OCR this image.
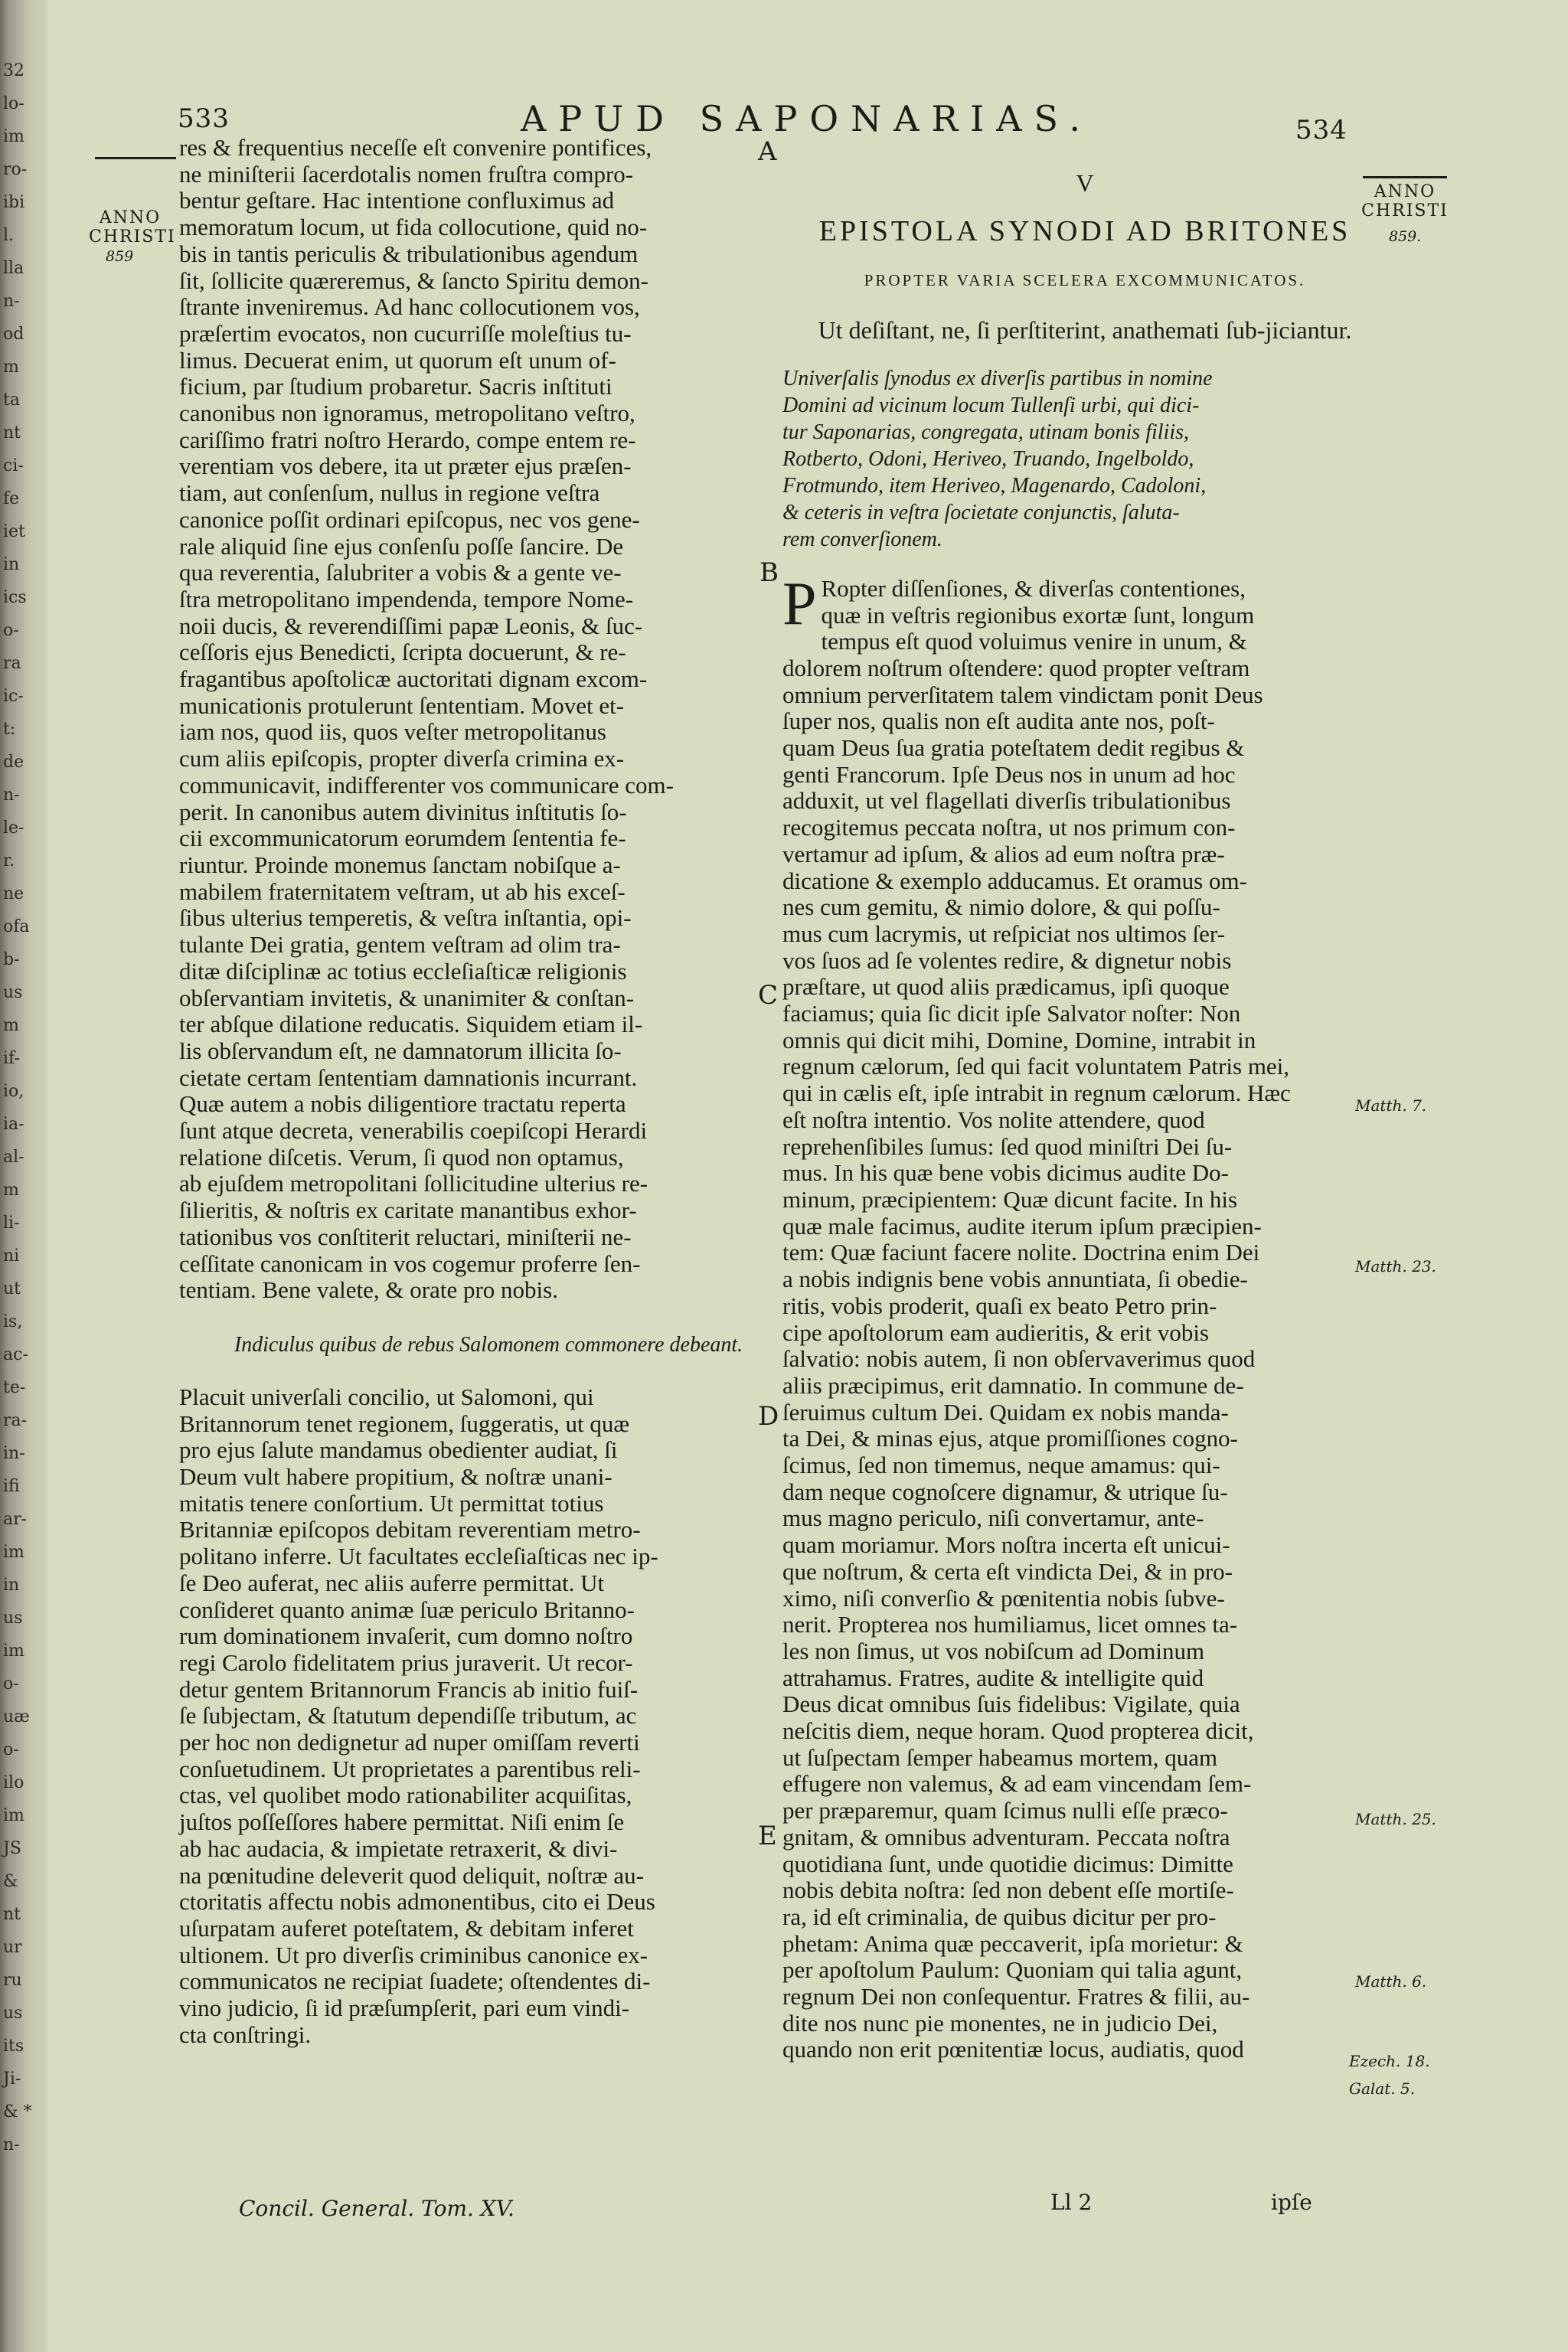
32
lo-
im
ro-
ibi
l.
lla
n-
od
m
ta
nt
ci-
fe
iet
in
ics
o-
ra
ic-
t:
de
n-
le-
r.
ne
ofa
b-
us
m
if-
io,
ia-
al-
m
li-
ni
ut
is,
ac-
te-
ra-
in-
ifi
ar-
im
in
us
im
o-
uæ
o-
ilo
im
JS
&
nt
ur
ru
us
its
Ji-
& *
n-
533	APUD SAPONARIAS.	534
ANNO
CHRISTI
859
ANNO
CHRISTI
859.
res & frequentius neceſſe eſt convenire pontifices,
ne miniſterii ſacerdotalis nomen fruſtra compro-
bentur geſtare. Hac intentione confluximus ad
memoratum locum, ut fida collocutione, quid no-
bis in tantis periculis & tribulationibus agendum
ſit, ſollicite quæreremus, & ſancto Spiritu demon-
ſtrante inveniremus. Ad hanc collocutionem vos,
præſertim evocatos, non cucurriſſe moleſtius tu-
limus. Decuerat enim, ut quorum eſt unum of-
ficium, par ſtudium probaretur. Sacris inſtituti
canonibus non ignoramus, metropolitano veſtro,
cariſſimo fratri noſtro Herardo, compe entem re-
verentiam vos debere, ita ut præter ejus præſen-
tiam, aut conſenſum, nullus in regione veſtra
canonice poſſit ordinari epiſcopus, nec vos gene-
rale aliquid ſine ejus conſenſu poſſe ſancire. De
qua reverentia, ſalubriter a vobis & a gente ve-
ſtra metropolitano impendenda, tempore Nome-
noii ducis, & reverendiſſimi papæ Leonis, & ſuc-
ceſſoris ejus Benedicti, ſcripta docuerunt, & re-
fragantibus apoſtolicæ auctoritati dignam excom-
municationis protulerunt ſententiam. Movet et-
iam nos, quod iis, quos veſter metropolitanus
cum aliis epiſcopis, propter diverſa crimina ex-
communicavit, indifferenter vos communicare com-
perit. In canonibus autem divinitus inſtitutis ſo-
cii excommunicatorum eorumdem ſententia fe-
riuntur. Proinde monemus ſanctam nobiſque a-
mabilem fraternitatem veſtram, ut ab his exceſ-
ſibus ulterius temperetis, & veſtra inſtantia, opi-
tulante Dei gratia, gentem veſtram ad olim tra-
ditæ diſciplinæ ac totius eccleſiaſticæ religionis
obſervantiam invitetis, & unanimiter & conſtan-
ter abſque dilatione reducatis. Siquidem etiam il-
lis obſervandum eſt, ne damnatorum illicita ſo-
cietate certam ſententiam damnationis incurrant.
Quæ autem a nobis diligentiore tractatu reperta
ſunt atque decreta, venerabilis coepiſcopi Herardi
relatione diſcetis. Verum, ſi quod non optamus,
ab ejuſdem metropolitani ſollicitudine ulterius re-
ſilieritis, & noſtris ex caritate manantibus exhor-
tationibus vos conſtiterit reluctari, miniſterii ne-
ceſſitate canonicam in vos cogemur proferre ſen-
tentiam. Bene valete, & orate pro nobis.
Indiculus quibus de rebus Salomonem commonere debeant.
Placuit univerſali concilio, ut Salomoni, qui
Britannorum tenet regionem, ſuggeratis, ut quæ
pro ejus ſalute mandamus obedienter audiat, ſi
Deum vult habere propitium, & noſtræ unani-
mitatis tenere conſortium. Ut permittat totius
Britanniæ epiſcopos debitam reverentiam metro-
politano inferre. Ut facultates eccleſiaſticas nec ip-
ſe Deo auferat, nec aliis auferre permittat. Ut
conſideret quanto animæ ſuæ periculo Britanno-
rum dominationem invaſerit, cum domno noſtro
regi Carolo fidelitatem prius juraverit. Ut recor-
detur gentem Britannorum Francis ab initio fuiſ-
ſe ſubjectam, & ſtatutum dependiſſe tributum, ac
per hoc non dedignetur ad nuper omiſſam reverti
conſuetudinem. Ut proprietates a parentibus reli-
ctas, vel quolibet modo rationabiliter acquiſitas,
juſtos poſſeſſores habere permittat. Niſi enim ſe
ab hac audacia, & impietate retraxerit, & divi-
na pœnitudine deleverit quod deliquit, noſtræ au-
ctoritatis affectu nobis admonentibus, cito ei Deus
uſurpatam auferet poteſtatem, & debitam inferet
ultionem. Ut pro diverſis criminibus canonice ex-
communicatos ne recipiat ſuadete; oſtendentes di-
vino judicio, ſi id præſumpſerit, pari eum vindi-
cta conſtringi.
A
B
C
D
E
V
EPISTOLA SYNODI AD BRITONES
PROPTER VARIA SCELERA EXCOMMUNICATOS.
Ut deſiſtant, ne, ſi perſtiterint, anathemati ſub-jiciantur.
Univerſalis ſynodus ex diverſis partibus in nomine
Domini ad vicinum locum Tullenſi urbi, qui dici-
tur Saponarias, congregata, utinam bonis filiis,
Rotberto, Odoni, Heriveo, Truando, Ingelboldo,
Frotmundo, item Heriveo, Magenardo, Cadoloni,
& ceteris in veſtra ſocietate conjunctis, ſaluta-
rem converſionem.
P Ropter diſſenſiones, & diverſas contentiones,
quæ in veſtris regionibus exortæ ſunt, longum
tempus eſt quod voluimus venire in unum, &
dolorem noſtrum oſtendere: quod propter veſtram
omnium perverſitatem talem vindictam ponit Deus
ſuper nos, qualis non eſt audita ante nos, poſt-
quam Deus ſua gratia poteſtatem dedit regibus &
genti Francorum. Ipſe Deus nos in unum ad hoc
adduxit, ut vel flagellati diverſis tribulationibus
recogitemus peccata noſtra, ut nos primum con-
vertamur ad ipſum, & alios ad eum noſtra præ-
dicatione & exemplo adducamus. Et oramus om-
nes cum gemitu, & nimio dolore, & qui poſſu-
mus cum lacrymis, ut reſpiciat nos ultimos ſer-
vos ſuos ad ſe volentes redire, & dignetur nobis
præſtare, ut quod aliis prædicamus, ipſi quoque
faciamus; quia ſic dicit ipſe Salvator noſter: Non
omnis qui dicit mihi, Domine, Domine, intrabit in
regnum cælorum, ſed qui facit voluntatem Patris mei,
qui in cælis eſt, ipſe intrabit in regnum cælorum. Hæc
eſt noſtra intentio. Vos nolite attendere, quod
reprehenſibiles ſumus: ſed quod miniſtri Dei ſu-
mus. In his quæ bene vobis dicimus audite Do-
minum, præcipientem: Quæ dicunt facite. In his
quæ male facimus, audite iterum ipſum præcipien-
tem: Quæ faciunt facere nolite. Doctrina enim Dei
a nobis indignis bene vobis annuntiata, ſi obedie-
ritis, vobis proderit, quaſi ex beato Petro prin-
cipe apoſtolorum eam audieritis, & erit vobis
ſalvatio: nobis autem, ſi non obſervaverimus quod
aliis præcipimus, erit damnatio. In commune de-
ſeruimus cultum Dei. Quidam ex nobis manda-
ta Dei, & minas ejus, atque promiſſiones cogno-
ſcimus, ſed non timemus, neque amamus: qui-
dam neque cognoſcere dignamur, & utrique ſu-
mus magno periculo, niſi convertamur, ante-
quam moriamur. Mors noſtra incerta eſt unicui-
que noſtrum, & certa eſt vindicta Dei, & in pro-
ximo, niſi converſio & pœnitentia nobis ſubve-
nerit. Propterea nos humiliamus, licet omnes ta-
les non ſimus, ut vos nobiſcum ad Dominum
attrahamus. Fratres, audite & intelligite quid
Deus dicat omnibus ſuis fidelibus: Vigilate, quia
neſcitis diem, neque horam. Quod propterea dicit,
ut ſuſpectam ſemper habeamus mortem, quam
effugere non valemus, & ad eam vincendam ſem-
per præparemur, quam ſcimus nulli eſſe præco-
gnitam, & omnibus adventuram. Peccata noſtra
quotidiana ſunt, unde quotidie dicimus: Dimitte
nobis debita noſtra: ſed non debent eſſe mortiſe-
ra, id eſt criminalia, de quibus dicitur per pro-
phetam: Anima quæ peccaverit, ipſa morietur: &
per apoſtolum Paulum: Quoniam qui talia agunt,
regnum Dei non conſequentur. Fratres & filii, au-
dite nos nunc pie monentes, ne in judicio Dei,
quando non erit pœnitentiæ locus, audiatis, quod
Matth. 7.
Matth. 23.
Matth. 25.
Matth. 6.
Ezech. 18.
Galat. 5.
Concil. General. Tom. XV.	Ll 2	ipſe
